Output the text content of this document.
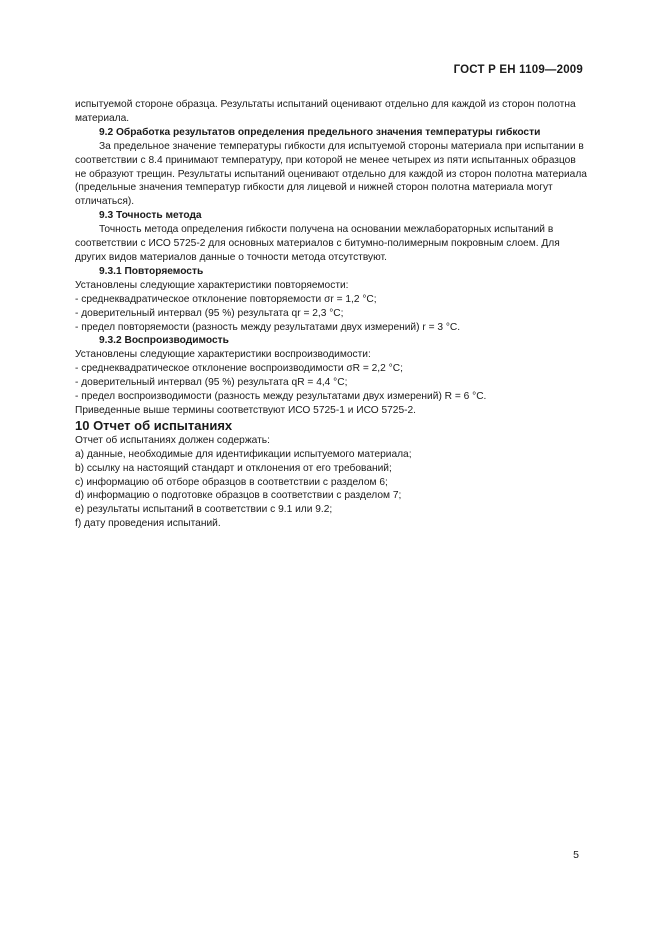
ГОСТ Р ЕН 1109—2009

испытуемой стороне образца. Результаты испытаний оценивают отдельно для каждой из сторон полотна материала.

9.2 Обработка результатов определения предельного значения температуры гибкости

За предельное значение температуры гибкости для испытуемой стороны материала при испытании в соответствии с 8.4 принимают температуру, при которой не менее четырех из пяти испытанных образцов не образуют трещин. Результаты испытаний оценивают отдельно для каждой из сторон полотна материала (предельные значения температур гибкости для лицевой и нижней сторон полотна материала могут отличаться).

9.3 Точность метода

Точность метода определения гибкости получена на основании межлабораторных испытаний в соответствии с ИСО 5725-2 для основных материалов с битумно-полимерным покровным слоем. Для других видов материалов данные о точности метода отсутствуют.

9.3.1 Повторяемость

Установлены следующие характеристики повторяемости:

- среднеквадратическое отклонение повторяемости σr = 1,2 °C;

- доверительный интервал (95 %) результата qr = 2,3 °C;

- предел повторяемости (разность между результатами двух измерений) r = 3 °C.

9.3.2 Воспроизводимость

Установлены следующие характеристики воспроизводимости:

- среднеквадратическое отклонение воспроизводимости σR = 2,2 °C;

- доверительный интервал (95 %) результата qR = 4,4 °C;

- предел воспроизводимости (разность между результатами двух измерений) R = 6 °C.

Приведенные выше термины соответствуют ИСО 5725-1 и ИСО 5725-2.

10 Отчет об испытаниях

Отчет об испытаниях должен содержать:

a) данные, необходимые для идентификации испытуемого материала;

b) ссылку на настоящий стандарт и отклонения от его требований;

c) информацию об отборе образцов в соответствии с разделом 6;

d) информацию о подготовке образцов в соответствии с разделом 7;

e) результаты испытаний в соответствии с 9.1 или 9.2;

f) дату проведения испытаний.

5
